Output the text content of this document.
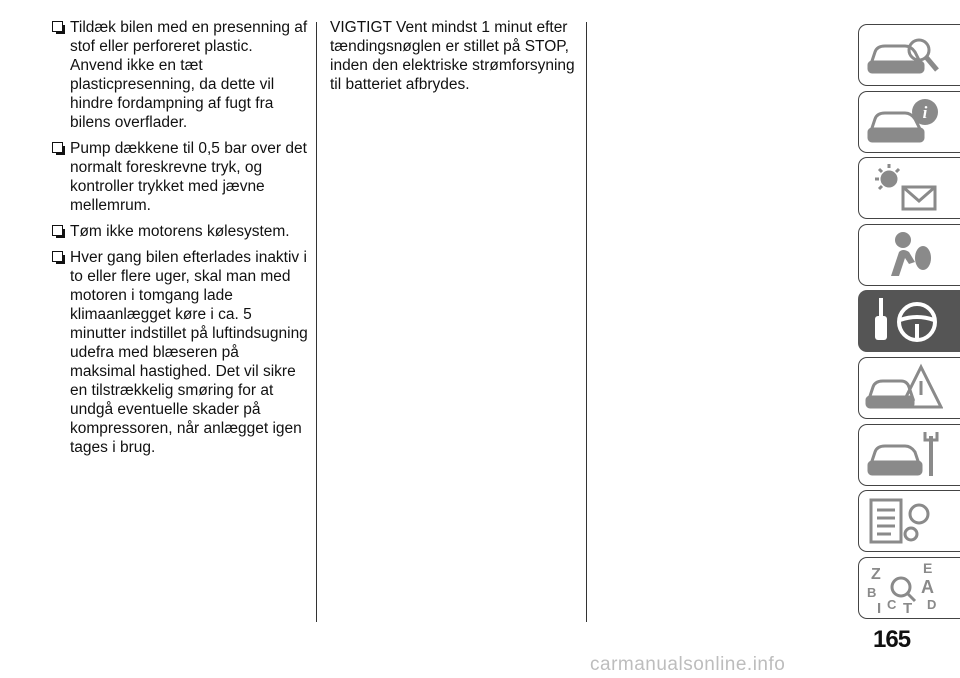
Tildæk bilen med en presenning af stof eller perforeret plastic. Anvend ikke en tæt plasticpresenning, da dette vil hindre fordampning af fugt fra bilens overflader.
Pump dækkene til 0,5 bar over det normalt foreskrevne tryk, og kontroller trykket med jævne mellemrum.
Tøm ikke motorens kølesystem.
Hver gang bilen efterlades inaktiv i to eller flere uger, skal man med motoren i tomgang lade klimaanlægget køre i ca. 5 minutter indstillet på luftindsugning udefra med blæseren på maksimal hastighed. Det vil sikre en tilstrækkelig smøring for at undgå eventuelle skader på kompressoren, når anlægget igen tages i brug.
VIGTIGT Vent mindst 1 minut efter tændingsnøglen er stillet på STOP, inden den elektriske strømforsyning til batteriet afbrydes.
i
Z	E
B A
I C T D
165
carmanualsonline.info
